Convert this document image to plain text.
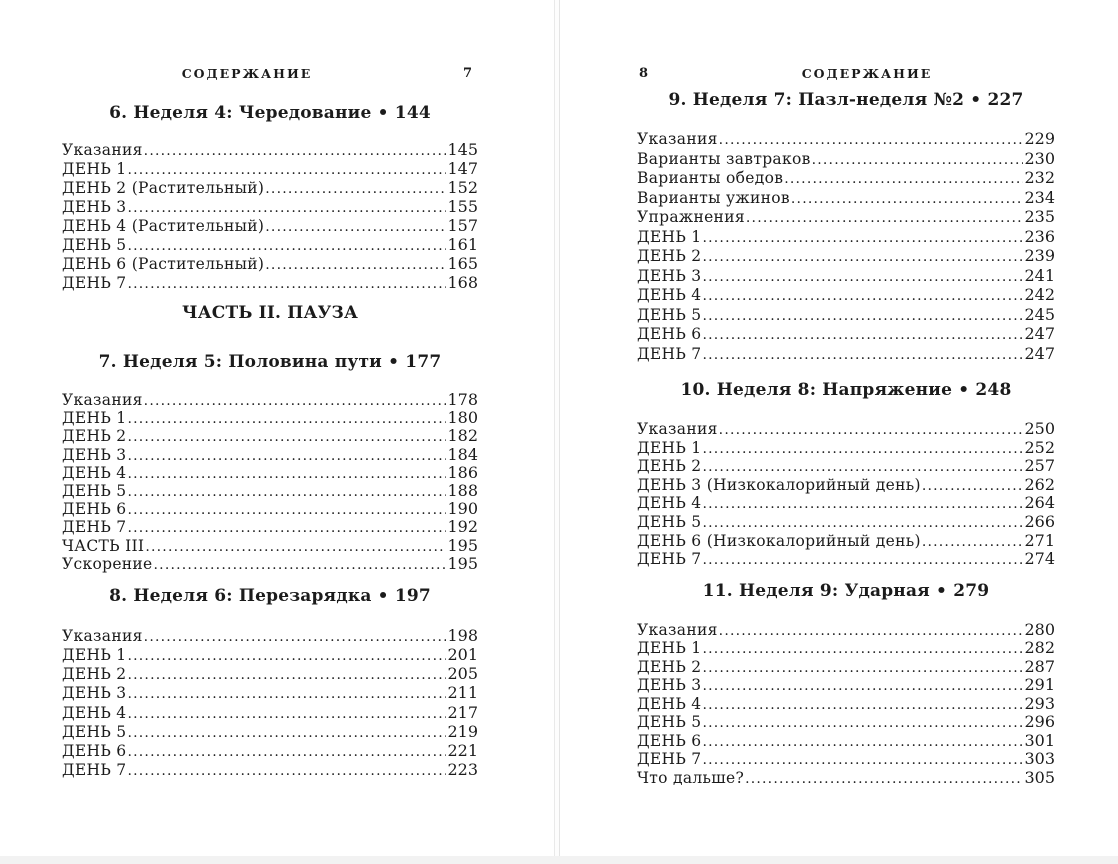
СОДЕРЖАНИЕ	7
6. Неделя 4: Чередование • 144
Указания .....	145
ДЕНЬ 1 .....	147
ДЕНЬ 2 (Растительный) .....	152
ДЕНЬ 3 .....	155
ДЕНЬ 4 (Растительный) .....	157
ДЕНЬ 5 .....	161
ДЕНЬ 6 (Растительный) .....	165
ДЕНЬ 7 .....	168
ЧАСТЬ II. ПАУЗА
7. Неделя 5: Половина пути • 177
Указания .....	178
ДЕНЬ 1 .....	180
ДЕНЬ 2 .....	182
ДЕНЬ 3 .....	184
ДЕНЬ 4 .....	186
ДЕНЬ 5 .....	188
ДЕНЬ 6 .....	190
ДЕНЬ 7 .....	192
ЧАСТЬ III .....	195
Ускорение .....	195
8. Неделя 6: Перезарядка • 197
Указания .....	198
ДЕНЬ 1 .....	201
ДЕНЬ 2 .....	205
ДЕНЬ 3 .....	211
ДЕНЬ 4 .....	217
ДЕНЬ 5 .....	219
ДЕНЬ 6 .....	221
ДЕНЬ 7 .....	223
СОДЕРЖАНИЕ
8
9. Неделя 7: Пазл-неделя №2 • 227
Указания .....	229
Варианты завтраков .....	230
Варианты обедов .....	232
Варианты ужинов .....	234
Упражнения .....	235
ДЕНЬ 1 .....	236
ДЕНЬ 2 .....	239
ДЕНЬ 3 .....	241
ДЕНЬ 4 .....	242
ДЕНЬ 5 .....	245
ДЕНЬ 6 .....	247
ДЕНЬ 7 .....	247
10. Неделя 8: Напряжение • 248
Указания .....	250
ДЕНЬ 1 .....	252
ДЕНЬ 2 .....	257
ДЕНЬ 3 (Низкокалорийный день) .....	262
ДЕНЬ 4 .....	264
ДЕНЬ 5 .....	266
ДЕНЬ 6 (Низкокалорийный день) .....	271
ДЕНЬ 7 .....	274
11. Неделя 9: Ударная • 279
Указания .....	280
ДЕНЬ 1 .....	282
ДЕНЬ 2 .....	287
ДЕНЬ 3 .....	291
ДЕНЬ 4 .....	293
ДЕНЬ 5 .....	296
ДЕНЬ 6 .....	301
ДЕНЬ 7 .....	303
Что дальше? .....	305
